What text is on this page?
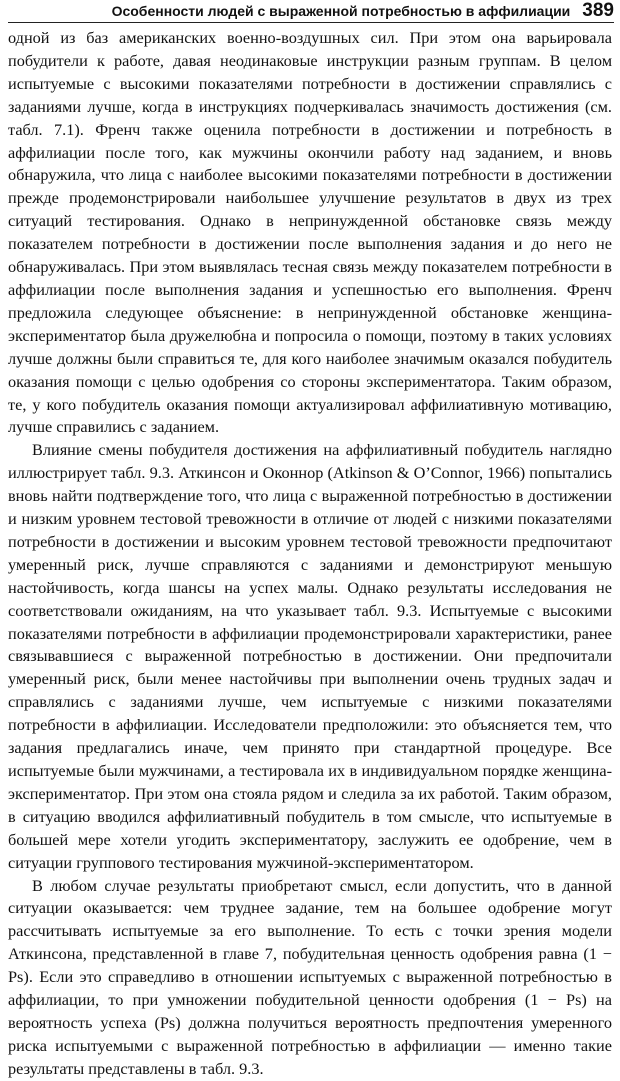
Особенности людей с выраженной потребностью в аффилиации 389

одной из баз американских военно-воздушных сил. При этом она варьировала побудители к работе, давая неодинаковые инструкции разным группам. В целом испытуемые с высокими показателями потребности в достижении справлялись с заданиями лучше, когда в инструкциях подчеркивалась значимость достижения (см. табл. 7.1). Френч также оценила потребности в достижении и потребность в аффилиации после того, как мужчины окончили работу над заданием, и вновь обнаружила, что лица с наиболее высокими показателями потребности в достижении прежде продемонстрировали наибольшее улучшение результатов в двух из трех ситуаций тестирования. Однако в непринужденной обстановке связь между показателем потребности в достижении после выполнения задания и до него не обнаруживалась. При этом выявлялась тесная связь между показателем потребности в аффилиации после выполнения задания и успешностью его выполнения. Френч предложила следующее объяснение: в непринужденной обстановке женщина-экспериментатор была дружелюбна и попросила о помощи, поэтому в таких условиях лучше должны были справиться те, для кого наиболее значимым оказался побудитель оказания помощи с целью одобрения со стороны экспериментатора. Таким образом, те, у кого побудитель оказания помощи актуализировал аффилиативную мотивацию, лучше справились с заданием.

Влияние смены побудителя достижения на аффилиативный побудитель наглядно иллюстрирует табл. 9.3. Аткинсон и Оконнор (Atkinson & O’Connor, 1966) попытались вновь найти подтверждение того, что лица с выраженной потребностью в достижении и низким уровнем тестовой тревожности в отличие от людей с низкими показателями потребности в достижении и высоким уровнем тестовой тревожности предпочитают умеренный риск, лучше справляются с заданиями и демонстрируют меньшую настойчивость, когда шансы на успех малы. Однако результаты исследования не соответствовали ожиданиям, на что указывает табл. 9.3. Испытуемые с высокими показателями потребности в аффилиации продемонстрировали характеристики, ранее связывавшиеся с выраженной потребностью в достижении. Они предпочитали умеренный риск, были менее настойчивы при выполнении очень трудных задач и справлялись с заданиями лучше, чем испытуемые с низкими показателями потребности в аффилиации. Исследователи предположили: это объясняется тем, что задания предлагались иначе, чем принято при стандартной процедуре. Все испытуемые были мужчинами, а тестировала их в индивидуальном порядке женщина-экспериментатор. При этом она стояла рядом и следила за их работой. Таким образом, в ситуацию вводился аффилиативный побудитель в том смысле, что испытуемые в большей мере хотели угодить экспериментатору, заслужить ее одобрение, чем в ситуации группового тестирования мужчиной-экспериментатором.

В любом случае результаты приобретают смысл, если допустить, что в данной ситуации оказывается: чем труднее задание, тем на большее одобрение могут рассчитывать испытуемые за его выполнение. То есть с точки зрения модели Аткинсона, представленной в главе 7, побудительная ценность одобрения равна (1 − Ps). Если это справедливо в отношении испытуемых с выраженной потребностью в аффилиации, то при умножении побудительной ценности одобрения (1 − Ps) на вероятность успеха (Ps) должна получиться вероятность предпочтения умеренного риска испытуемыми с выраженной потребностью в аффилиации — именно такие результаты представлены в табл. 9.3.
